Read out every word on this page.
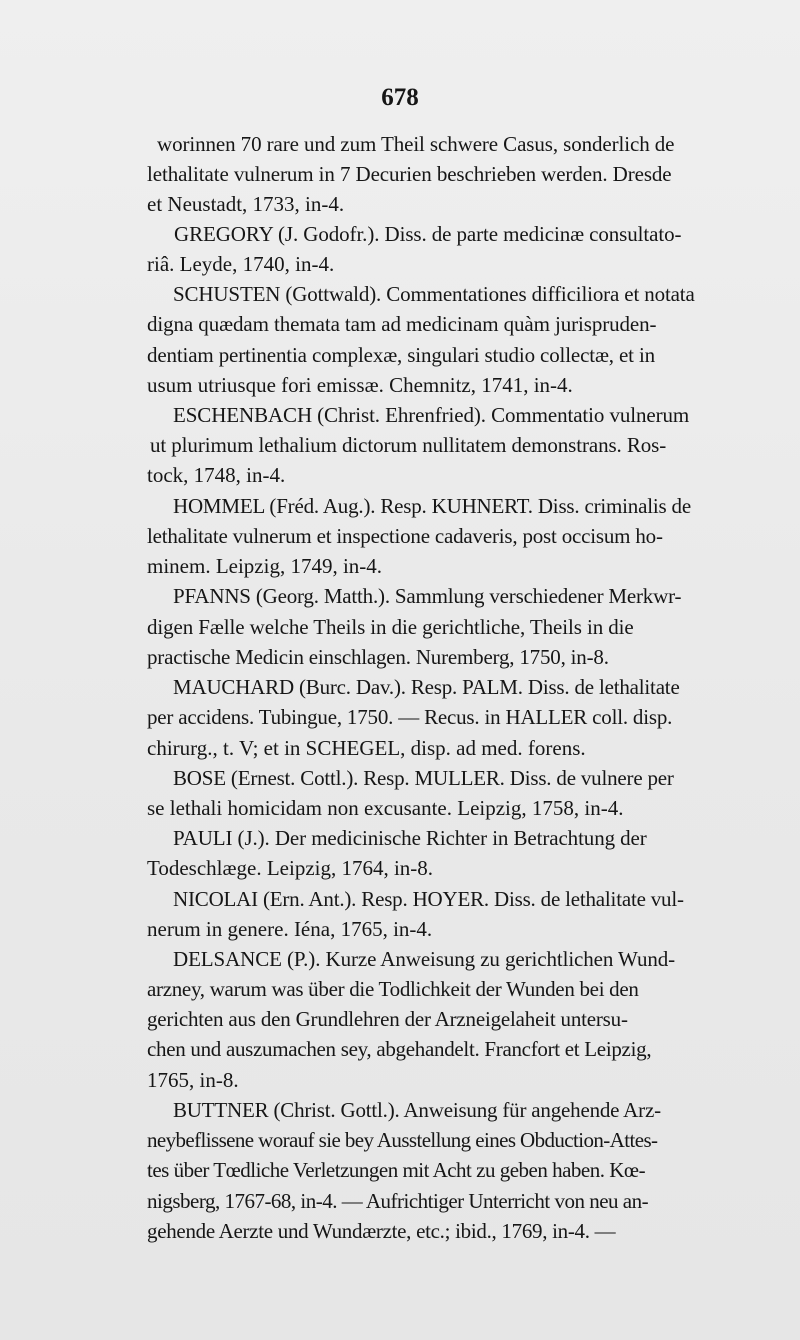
678
worinnen 70 rare und zum Theil schwere Casus, sonderlich de
lethalitate vulnerum in 7 Decurien beschrieben werden. Dresde
et Neustadt, 1733, in-4.
GREGORY (J. Godofr.). Diss. de parte medicinæ consultato-
riâ. Leyde, 1740, in-4.
SCHUSTEN (Gottwald). Commentationes difficiliora et notata
digna quædam themata tam ad medicinam quàm jurispruden-
dentiam pertinentia complexæ, singulari studio collectæ, et in
usum utriusque fori emissæ. Chemnitz, 1741, in-4.
ESCHENBACH (Christ. Ehrenfried). Commentatio vulnerum
ut plurimum lethalium dictorum nullitatem demonstrans. Ros-
tock, 1748, in-4.
HOMMEL (Fréd. Aug.). Resp. KUHNERT. Diss. criminalis de
lethalitate vulnerum et inspectione cadaveris, post occisum ho-
minem. Leipzig, 1749, in-4.
PFANNS (Georg. Matth.). Sammlung verschiedener Merkwr-
digen Fælle welche Theils in die gerichtliche, Theils in die
practische Medicin einschlagen. Nuremberg, 1750, in-8.
MAUCHARD (Burc. Dav.). Resp. PALM. Diss. de lethalitate
per accidens. Tubingue, 1750. — Recus. in HALLER coll. disp.
chirurg., t. V; et in SCHEGEL, disp. ad med. forens.
BOSE (Ernest. Cottl.). Resp. MULLER. Diss. de vulnere per
se lethali homicidam non excusante. Leipzig, 1758, in-4.
PAULI (J.). Der medicinische Richter in Betrachtung der
Todeschlæge. Leipzig, 1764, in-8.
NICOLAI (Ern. Ant.). Resp. HOYER. Diss. de lethalitate vul-
nerum in genere. Iéna, 1765, in-4.
DELSANCE (P.). Kurze Anweisung zu gerichtlichen Wund-
arzney, warum was über die Todlichkeit der Wunden bei den
gerichten aus den Grundlehren der Arzneigelaheit untersu-
chen und auszumachen sey, abgehandelt. Francfort et Leipzig,
1765, in-8.
BUTTNER (Christ. Gottl.). Anweisung für angehende Arz-
neybeflissene worauf sie bey Ausstellung eines Obduction-Attes-
tes über Tœdliche Verletzungen mit Acht zu geben haben. Kœ-
nigsberg, 1767-68, in-4. — Aufrichtiger Unterricht von neu an-
gehende Aerzte und Wundærzte, etc.; ibid., 1769, in-4. —
